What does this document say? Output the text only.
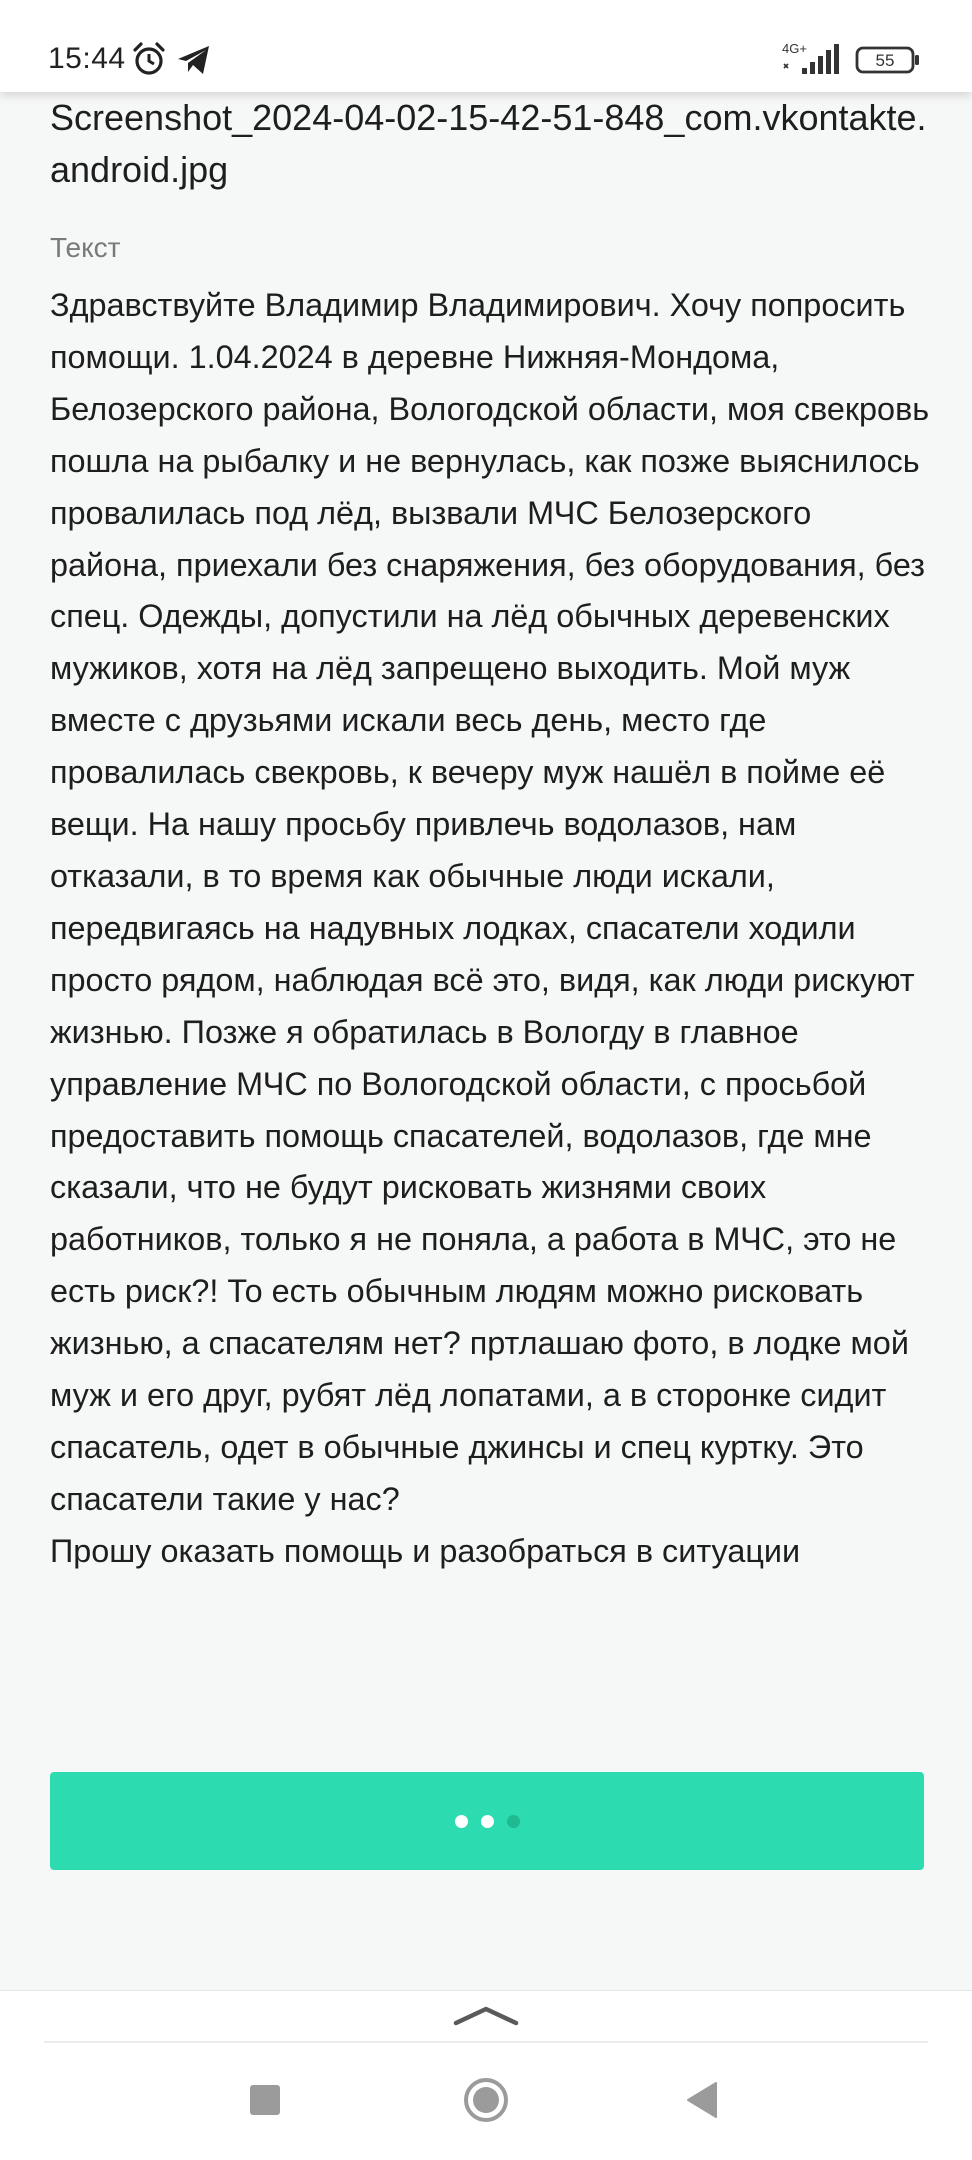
15:44	4G+
55
Screenshot_2024-04-02-15-42-51-848_com.vkontakte.android.jpg
Текст
Здравствуйте Владимир Владимирович. Хочу попросить помощи. 1.04.2024 в деревне Нижняя-Мондома, Белозерского района, Вологодской области, моя свекровь пошла на рыбалку и не вернулась, как позже выяснилось провалилась под лёд, вызвали МЧС Белозерского района, приехали без снаряжения, без оборудования, без спец. Одежды, допустили на лёд обычных деревенских мужиков, хотя на лёд запрещено выходить. Мой муж вместе с друзьями искали весь день, место где провалилась свекровь, к вечеру муж нашёл в пойме её вещи. На нашу просьбу привлечь водолазов, нам отказали, в то время как обычные люди искали, передвигаясь на надувных лодках, спасатели ходили просто рядом, наблюдая всё это, видя, как люди рискуют жизнью. Позже я обратилась в Вологду в главное управление МЧС по Вологодской области, с просьбой предоставить помощь спасателей, водолазов, где мне сказали, что не будут рисковать жизнями своих работников, только я не поняла, а работа в МЧС, это не есть риск?! То есть обычным людям можно рисковать жизнью, а спасателям нет? пртлашаю фото, в лодке мой муж и его друг, рубят лёд лопатами, а в сторонке сидит спасатель, одет в обычные джинсы и спец куртку. Это спасатели такие у нас?
Прошу оказать помощь и разобраться в ситуации
